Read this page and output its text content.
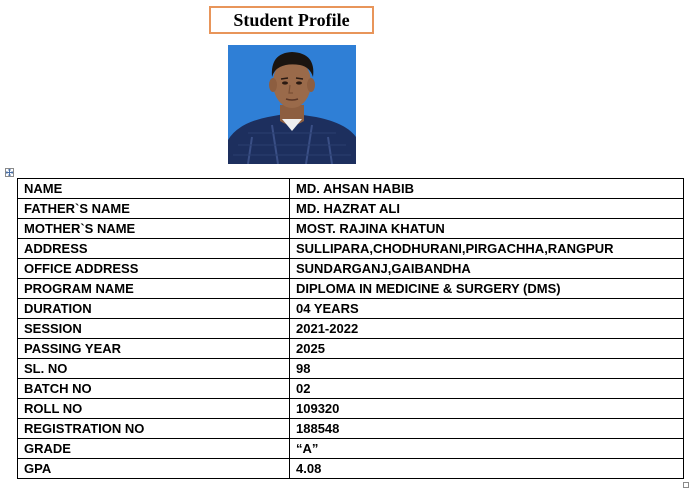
Student Profile
NAME	MD. AHSAN HABIB
FATHER`S NAME	MD. HAZRAT ALI
MOTHER`S NAME	MOST. RAJINA KHATUN
ADDRESS	SULLIPARA,CHODHURANI,PIRGACHHA,RANGPUR
OFFICE ADDRESS	SUNDARGANJ,GAIBANDHA
PROGRAM NAME	DIPLOMA IN MEDICINE & SURGERY (DMS)
DURATION	04 YEARS
SESSION	2021-2022
PASSING YEAR	2025
SL. NO	98
BATCH NO	02
ROLL NO	109320
REGISTRATION NO	188548
GRADE	“A”
GPA	4.08
